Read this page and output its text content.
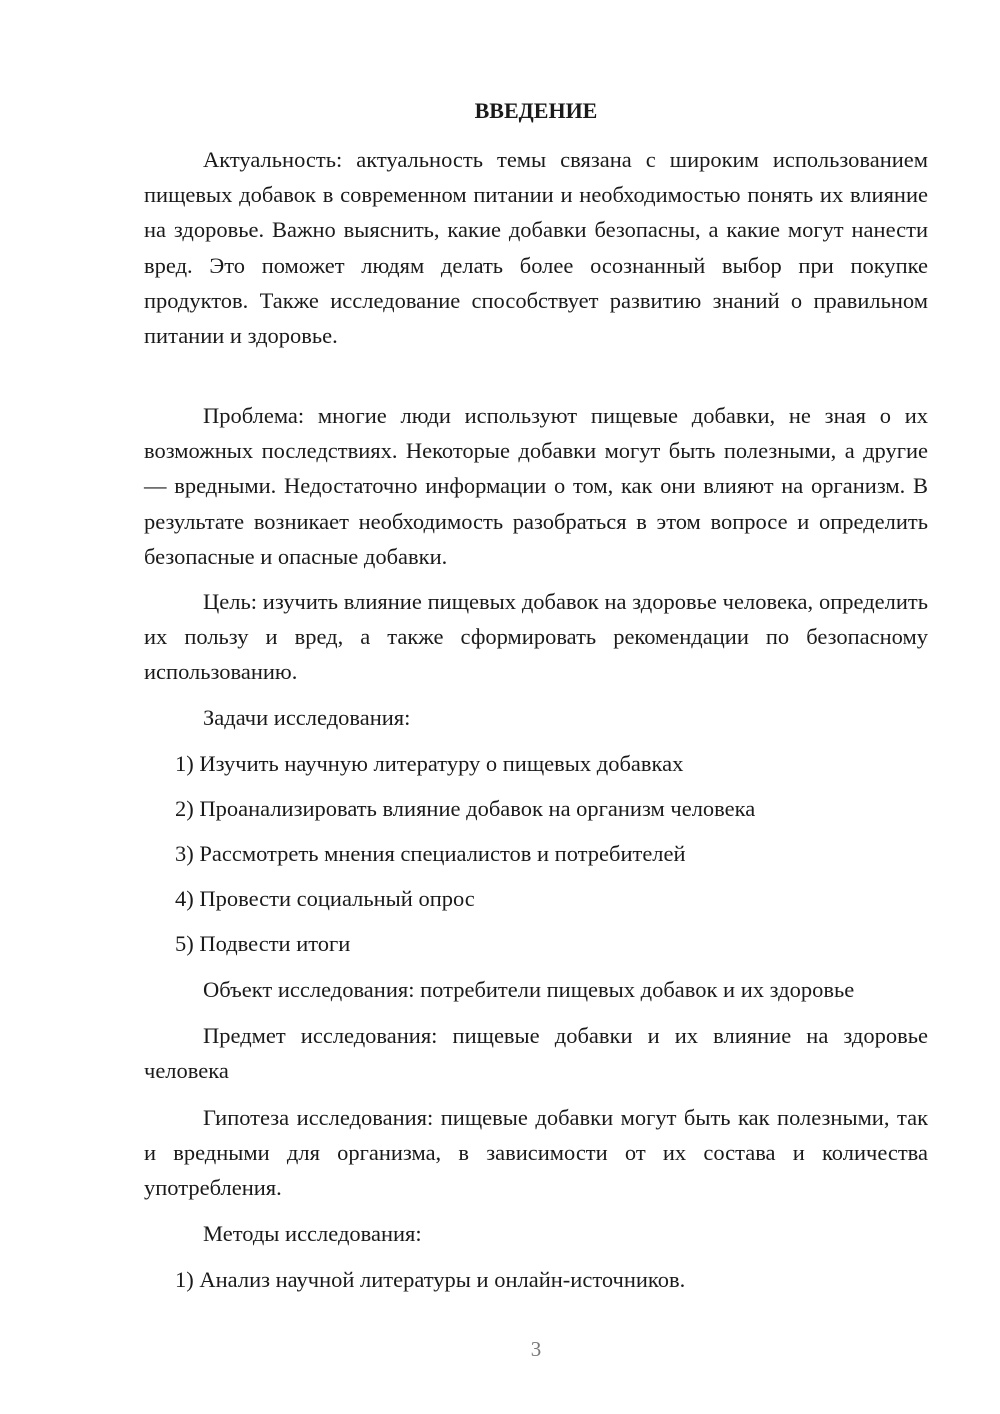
ВВЕДЕНИЕ

Актуальность: актуальность темы связана с широким использованием пищевых добавок в современном питании и необходимостью понять их влияние на здоровье. Важно выяснить, какие добавки безопасны, а какие могут нанести вред. Это поможет людям делать более осознанный выбор при покупке продуктов. Также исследование способствует развитию знаний о правильном питании и здоровье.

Проблема: многие люди используют пищевые добавки, не зная о их возможных последствиях. Некоторые добавки могут быть полезными, а другие — вредными. Недостаточно информации о том, как они влияют на организм. В результате возникает необходимость разобраться в этом вопросе и определить безопасные и опасные добавки.

Цель: изучить влияние пищевых добавок на здоровье человека, определить их пользу и вред, а также сформировать рекомендации по безопасному использованию.

Задачи исследования:
1) Изучить научную литературу о пищевых добавках
2) Проанализировать влияние добавок на организм человека
3) Рассмотреть мнения специалистов и потребителей
4) Провести социальный опрос
5) Подвести итоги
Объект исследования: потребители пищевых добавок и их здоровье

Предмет исследования: пищевые добавки и их влияние на здоровье человека

Гипотеза исследования: пищевые добавки могут быть как полезными, так и вредными для организма, в зависимости от их состава и количества употребления.

Методы исследования:
1) Анализ научной литературы и онлайн-источников.
3
